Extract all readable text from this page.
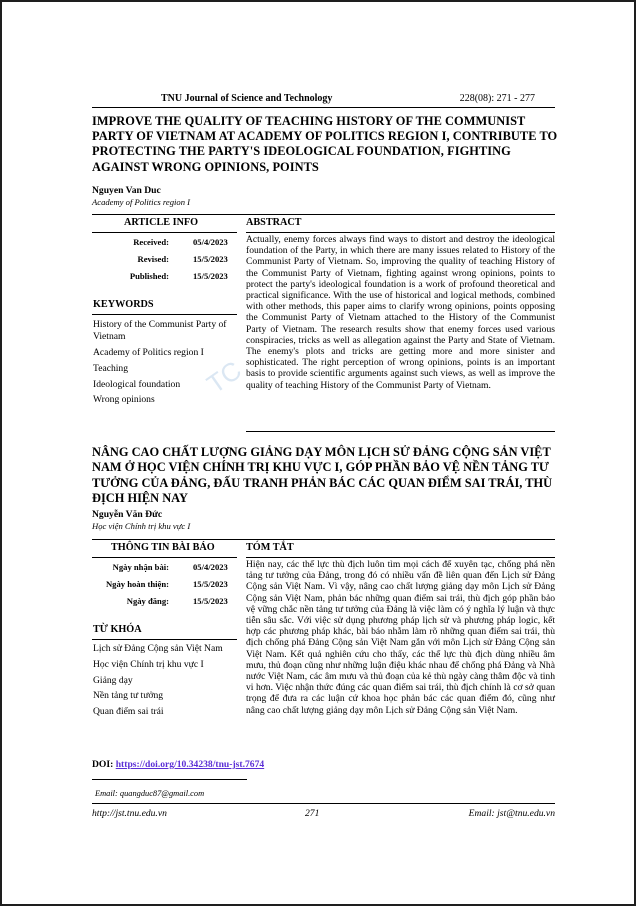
TC
TNU Journal of Science and Technology	228(08): 271 - 277
IMPROVE THE QUALITY OF TEACHING HISTORY OF THE COMMUNIST PARTY OF VIETNAM AT ACADEMY OF POLITICS REGION I, CONTRIBUTE TO PROTECTING THE PARTY'S IDEOLOGICAL FOUNDATION, FIGHTING AGAINST WRONG OPINIONS, POINTS
Nguyen Van Duc
Academy of Politics region I
ARTICLE INFO	ABSTRACT
Received:	05/4/2023
Revised:	15/5/2023
Published:	15/5/2023
KEYWORDS
History of the Communist Party of Vietnam
Academy of Politics region I
Teaching
Ideological foundation
Wrong opinions
Actually, enemy forces always find ways to distort and destroy the ideological foundation of the Party, in which there are many issues related to History of the Communist Party of Vietnam. So, improving the quality of teaching History of the Communist Party of Vietnam, fighting against wrong opinions, points to protect the party's ideological foundation is a work of profound theoretical and practical significance. With the use of historical and logical methods, combined with other methods, this paper aims to clarify wrong opinions, points opposing the Communist Party of Vietnam attached to the History of the Communist Party of Vietnam. The research results show that enemy forces used various conspiracies, tricks as well as allegation against the Party and State of Vietnam. The enemy's plots and tricks are getting more and more sinister and sophisticated. The right perception of wrong opinions, points is an important basis to provide scientific arguments against such views, as well as improve the quality of teaching History of the Communist Party of Vietnam.
NÂNG CAO CHẤT LƯỢNG GIẢNG DẠY MÔN LỊCH SỬ ĐẢNG CỘNG SẢN VIỆT NAM Ở HỌC VIỆN CHÍNH TRỊ KHU VỰC I, GÓP PHẦN BẢO VỆ NỀN TẢNG TƯ TƯỞNG CỦA ĐẢNG, ĐẤU TRANH PHẢN BÁC CÁC QUAN ĐIỂM SAI TRÁI, THÙ ĐỊCH HIỆN NAY
Nguyễn Văn Đức
Học viện Chính trị khu vực I
THÔNG TIN BÀI BÁO	TÓM TẮT
Ngày nhận bài:	05/4/2023
Ngày hoàn thiện:	15/5/2023
Ngày đăng:	15/5/2023
TỪ KHÓA
Lịch sử Đảng Cộng sản Việt Nam
Học viện Chính trị khu vực I
Giảng dạy
Nền tảng tư tưởng
Quan điểm sai trái
Hiện nay, các thế lực thù địch luôn tìm mọi cách để xuyên tạc, chống phá nền tảng tư tưởng của Đảng, trong đó có nhiều vấn đề liên quan đến Lịch sử Đảng Cộng sản Việt Nam. Vì vậy, nâng cao chất lượng giảng dạy môn Lịch sử Đảng Cộng sản Việt Nam, phản bác những quan điểm sai trái, thù địch góp phần bảo vệ vững chắc nền tảng tư tưởng của Đảng là việc làm có ý nghĩa lý luận và thực tiễn sâu sắc. Với việc sử dụng phương pháp lịch sử và phương pháp logic, kết hợp các phương pháp khác, bài báo nhằm làm rõ những quan điểm sai trái, thù địch chống phá Đảng Cộng sản Việt Nam gắn với môn Lịch sử Đảng Cộng sản Việt Nam. Kết quả nghiên cứu cho thấy, các thế lực thù địch dùng nhiều âm mưu, thủ đoạn cũng như những luận điệu khác nhau để chống phá Đảng và Nhà nước Việt Nam, các âm mưu và thủ đoạn của kẻ thù ngày càng thâm độc và tinh vi hơn. Việc nhận thức đúng các quan điểm sai trái, thù địch chính là cơ sở quan trọng để đưa ra các luận cứ khoa học phản bác các quan điểm đó, cũng như nâng cao chất lượng giảng dạy môn Lịch sử Đảng Cộng sản Việt Nam.
DOI: https://doi.org/10.34238/tnu-jst.7674
Email: quangduc87@gmail.com
http://jst.tnu.edu.vn	271	Email: jst@tnu.edu.vn
